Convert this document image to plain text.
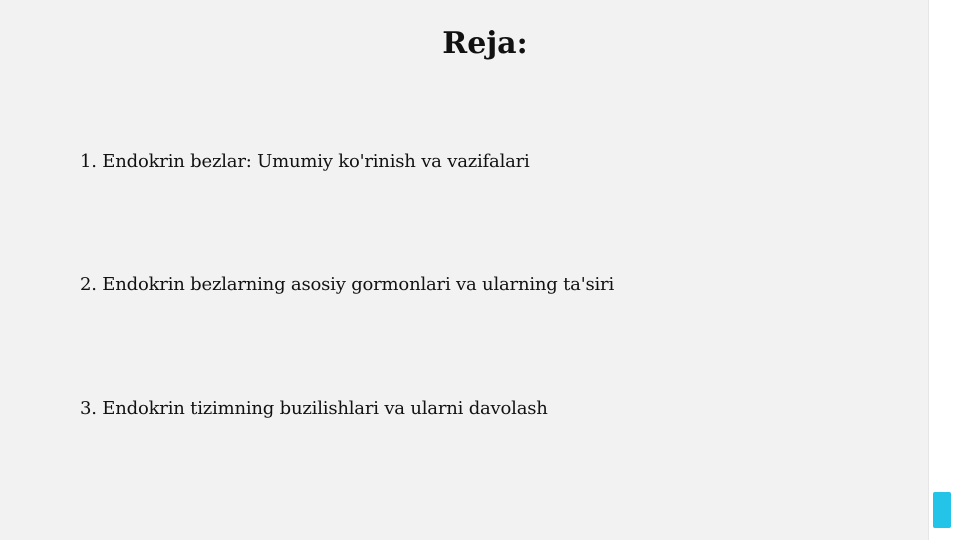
Reja:
1. Endokrin bezlar: Umumiy ko'rinish va vazifalari
2. Endokrin bezlarning asosiy gormonlari va ularning ta'siri
3. Endokrin tizimning buzilishlari va ularni davolash
